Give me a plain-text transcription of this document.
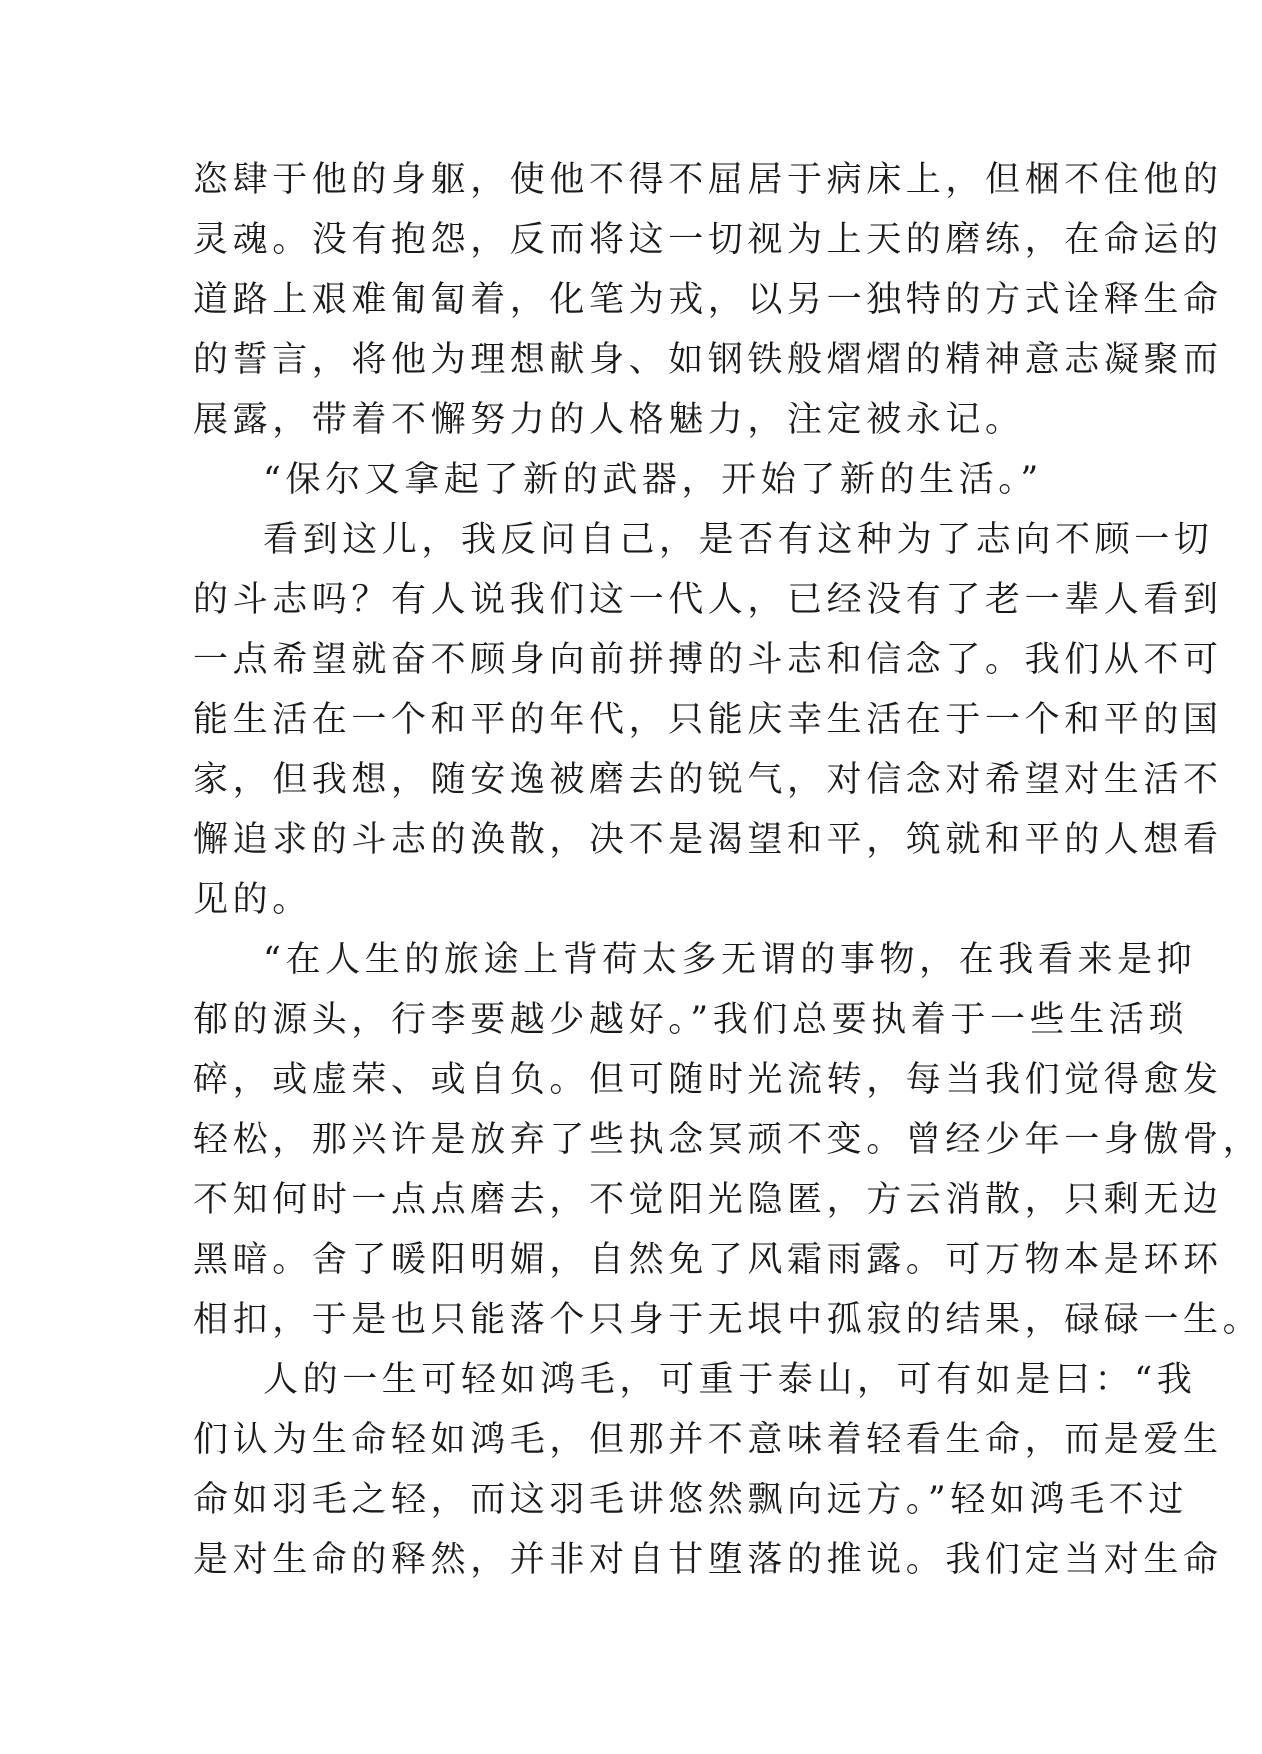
恣肆于他的身躯，使他不得不屈居于病床上，但梱不住他的
灵魂。没有抱怨，反而将这一切视为上天的磨练，在命运的
道路上艰难匍匐着，化笔为戎，以另一独特的方式诠释生命
的誓言，将他为理想献身、如钢铁般熠熠的精神意志凝聚而
展露，带着不懈努力的人格魅力，注定被永记。
“保尔又拿起了新的武器，开始了新的生活。”
看到这儿，我反问自己，是否有这种为了志向不顾一切
的斗志吗？有人说我们这一代人，已经没有了老一辈人看到
一点希望就奋不顾身向前拼搏的斗志和信念了。我们从不可
能生活在一个和平的年代，只能庆幸生活在于一个和平的国
家，但我想，随安逸被磨去的锐气，对信念对希望对生活不
懈追求的斗志的涣散，决不是渴望和平，筑就和平的人想看
见的。
“在人生的旅途上背荷太多无谓的事物，在我看来是抑
郁的源头，行李要越少越好。”我们总要执着于一些生活琐
碎，或虚荣、或自负。但可随时光流转，每当我们觉得愈发
轻松，那兴许是放弃了些执念冥顽不变。曾经少年一身傲骨，
不知何时一点点磨去，不觉阳光隐匿，方云消散，只剩无边
黑暗。舍了暖阳明媚，自然免了风霜雨露。可万物本是环环
相扣，于是也只能落个只身于无垠中孤寂的结果，碌碌一生。
人的一生可轻如鸿毛，可重于泰山，可有如是曰：“我
们认为生命轻如鸿毛，但那并不意味着轻看生命，而是爱生
命如羽毛之轻，而这羽毛讲悠然飘向远方。”轻如鸿毛不过
是对生命的释然，并非对自甘堕落的推说。我们定当对生命
